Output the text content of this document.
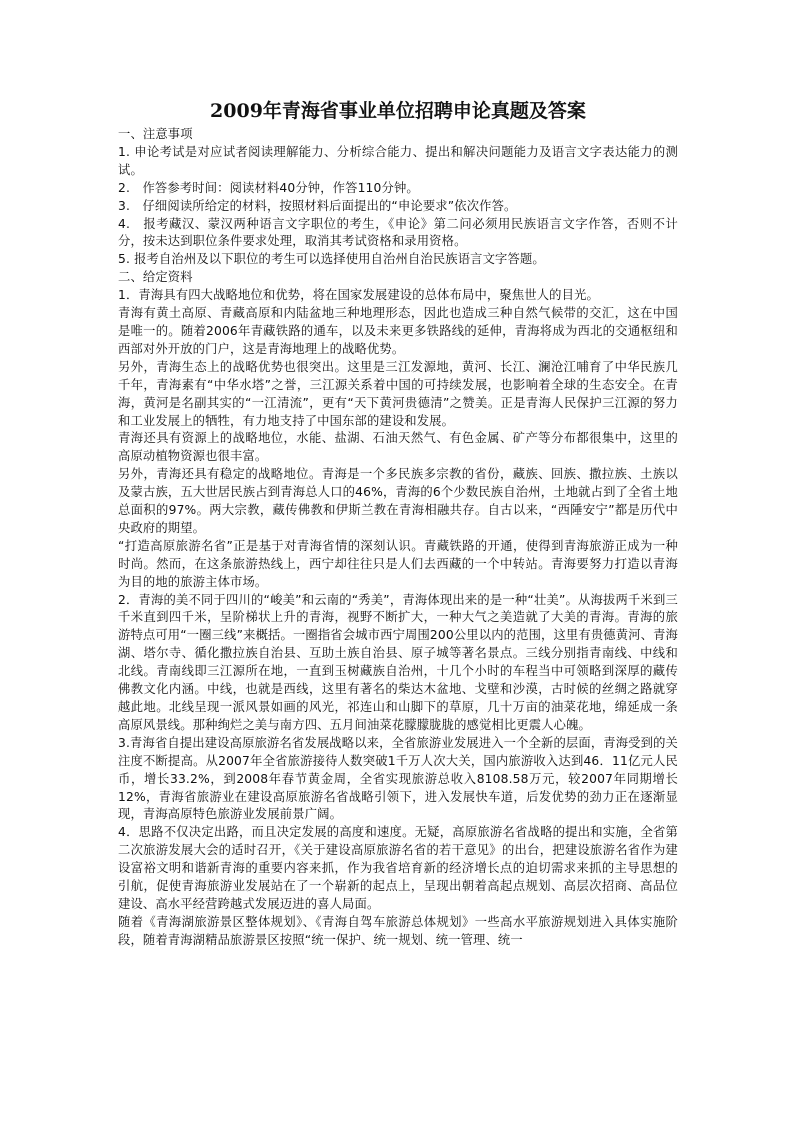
2009年青海省事业单位招聘申论真题及答案

一、注意事项

1. 申论考试是对应试者阅读理解能力、分析综合能力、提出和解决问题能力及语言文字表达能力的测试。

2.　作答参考时间：阅读材料40分钟，作答110分钟。

3.　仔细阅读所给定的材料，按照材料后面提出的“申论要求”依次作答。

4.　报考藏汉、蒙汉两种语言文字职位的考生，《申论》第二问必须用民族语言文字作答，否则不计分，按未达到职位条件要求处理，取消其考试资格和录用资格。

5. 报考自治州及以下职位的考生可以选择使用自治州自治民族语言文字答题。

二、给定资料

1．青海具有四大战略地位和优势，将在国家发展建设的总体布局中，聚焦世人的目光。

青海有黄土高原、青藏高原和内陆盆地三种地理形态，因此也造成三种自然气候带的交汇，这在中国是唯一的。随着2006年青藏铁路的通车，以及未来更多铁路线的延伸，青海将成为西北的交通枢纽和西部对外开放的门户，这是青海地理上的战略优势。

另外，青海生态上的战略优势也很突出。这里是三江发源地，黄河、长江、澜沧江哺育了中华民族几千年，青海素有“中华水塔”之誉，三江源关系着中国的可持续发展，也影响着全球的生态安全。在青海，黄河是名副其实的“一江清流”，更有“天下黄河贵德清”之赞美。正是青海人民保护三江源的努力和工业发展上的牺牲，有力地支持了中国东部的建设和发展。

青海还具有资源上的战略地位，水能、盐湖、石油天然气、有色金属、矿产等分布都很集中，这里的高原动植物资源也很丰富。

另外，青海还具有稳定的战略地位。青海是一个多民族多宗教的省份，藏族、回族、撒拉族、土族以及蒙古族，五大世居民族占到青海总人口的46%，青海的6个少数民族自治州，土地就占到了全省土地总面积的97%。两大宗教，藏传佛教和伊斯兰教在青海相融共存。自古以来，“西陲安宁”都是历代中央政府的期望。

“打造高原旅游名省”正是基于对青海省情的深刻认识。青藏铁路的开通，使得到青海旅游正成为一种时尚。然而，在这条旅游热线上，西宁却往往只是人们去西藏的一个中转站。青海要努力打造以青海为目的地的旅游主体市场。

2．青海的美不同于四川的“峻美”和云南的“秀美”，青海体现出来的是一种“壮美”。从海拔两千米到三千米直到四千米，呈阶梯状上升的青海，视野不断扩大，一种大气之美造就了大美的青海。青海的旅游特点可用“一圈三线”来概括。一圈指省会城市西宁周围200公里以内的范围，这里有贵德黄河、青海湖、塔尔寺、循化撒拉族自治县、互助土族自治县、原子城等著名景点。三线分别指青南线、中线和北线。青南线即三江源所在地，一直到玉树藏族自治州，十几个小时的车程当中可领略到深厚的藏传佛教文化内涵。中线，也就是西线，这里有著名的柴达木盆地、戈壁和沙漠，古时候的丝绸之路就穿越此地。北线呈现一派风景如画的风光，祁连山和山脚下的草原，几十万亩的油菜花地，绵延成一条高原风景线。那种绚烂之美与南方四、五月间油菜花朦朦胧胧的感觉相比更震人心魄。

3.青海省自提出建设高原旅游名省发展战略以来，全省旅游业发展进入一个全新的层面，青海受到的关注度不断提高。从2007年全省旅游接待人数突破1千万人次大关，国内旅游收入达到46．11亿元人民币，增长33.2%，到2008年春节黄金周，全省实现旅游总收入8108.58万元，较2007年同期增长12%，青海省旅游业在建设高原旅游名省战略引领下，进入发展快车道，后发优势的劲力正在逐渐显现，青海高原特色旅游业发展前景广阔。

4．思路不仅决定出路，而且决定发展的高度和速度。无疑，高原旅游名省战略的提出和实施，全省第二次旅游发展大会的适时召开，《关于建设高原旅游名省的若干意见》的出台，把建设旅游名省作为建设富裕文明和谐新青海的重要内容来抓，作为我省培育新的经济增长点的迫切需求来抓的主导思想的引航，促使青海旅游业发展站在了一个崭新的起点上，呈现出朝着高起点规划、高层次招商、高品位建设、高水平经营跨越式发展迈进的喜人局面。

随着《青海湖旅游景区整体规划》、《青海自驾车旅游总体规划》一些高水平旅游规划进入具体实施阶段，随着青海湖精品旅游景区按照“统一保护、统一规划、统一管理、统一
